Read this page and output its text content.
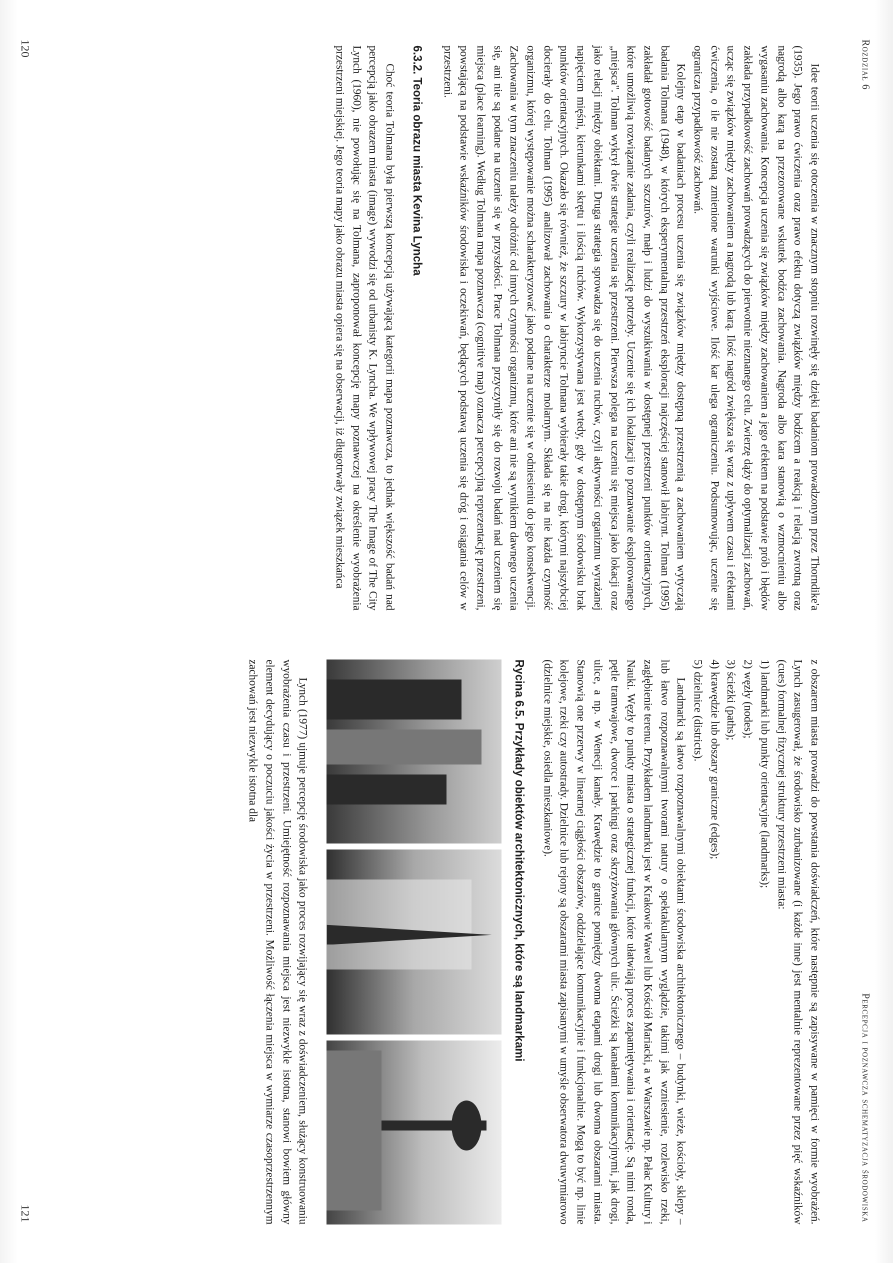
Rozdział 6
Percepcja i poznawcza schematyzacja środowiska

Idee teorii uczenia się otoczenia w znacznym stopniu rozwinęły się dzięki badaniom prowadzonym przez Thorndike'a (1935). Jego prawo ćwiczenia oraz prawo efektu dotyczą związków między bodźcem a reakcją i relacją zwrotną oraz nagrodą albo karą na przezorowane wskutek bodźca zachowania. Nagroda albo kara stanowią o wzmocnieniu albo wygasaniu zachowania. Koncepcja uczenia się związków między zachowaniem a jego efektem na podstawie prób i błędów zakłada przypadkowość zachowań prowadzących do pierwotnie nieznanego celu. Zwierzę dąży do optymalizacji zachowań, ucząc się związków między zachowaniem a nagrodą lub karą. Ilość nagród zwiększa się wraz z upływem czasu i efektami ćwiczenia, o ile nie zostaną zmienione warunki wyjściowe. Ilość kar ulega ograniczeniu. Podsumowując, uczenie się ogranicza przypadkowość zachowań.

Kolejny etap w badaniach procesu uczenia się związków między dostępną przestrzenią a zachowaniem wytyczają badania Tolmana (1948), w których eksperymentalną przestrzeń eksploracji najczęściej stanowił labirynt. Tolman (1995) zakładał gotowość badanych szczurów, małp i ludzi do wyszukiwania w dostępnej przestrzeni punktów orientacyjnych, które umożliwią rozwiązanie zadania, czyli realizację potrzeby. Uczenie się ich lokalizacji to poznawanie eksplorowanego „miejsca". Tolman wykrył dwie strategie uczenia się przestrzeni. Pierwsza polega na uczeniu się miejsca jako lokacji oraz jako relacji między obiektami. Druga strategia sprowadza się do uczenia ruchów, czyli aktywności organizmu wyrażanej napięciem mięśni, kierunkami skrętu i ilością ruchów. Wykorzystywana jest wtedy, gdy w dostępnym środowisku brak punktów orientacyjnych. Okazało się również, że szczury w labiryncie Tolmana wybierały takie drogi, którymi najszybciej docierały do celu. Tolman (1995) analizował zachowania o charakterze molarnym. Składa się na nie każda czynność organizmu, której występowanie można scharakteryzować jako podane na uczenie się w odniesieniu do jego konsekwencji. Zachowania w tym znaczeniu należy odróżnić od innych czynności organizmu, które ani nie są wynikiem dawnego uczenia się, ani nie są podane na uczenie się w przyszłości. Prace Tolmana przyczyniły się do rozwoju badań nad uczeniem się miejsca (place learning). Według Tolmana mapa poznawcza (cognitive map) oznacza percepcyjną reprezentację przestrzeni, powstającą na podstawie wskaźników środowiska i oczekiwań, będących podstawą uczenia się dróg i osiągania celów w przestrzeni.

6.3.2. Teoria obrazu miasta Kevina Lyncha

Choć teoria Tolmana była pierwszą koncepcją używającą kategorii mapa poznawcza, to jednak większość badań nad percepcją jako obrazem miasta (image) wywodzi się od urbanisty K. Lyncha. We wpływowej pracy The Image of The City Lynch (1960), nie powołując się na Tolmana, zaproponował koncepcję mapy poznawczej na określenie wyobrażenia przestrzeni miejskiej. Jego teoria mapy jako obrazu miasta opiera się na obserwacji, iż długotrwały związek mieszkańca

z obszarem miasta prowadzi do powstania doświadczeń, które następnie są zapisywane w pamięci w formie wyobrażeń. Lynch zasugerował, że środowisko zurbanizowane (i każde inne) jest mentalnie reprezentowane przez pięć wskaźników (cues) formalnej fizycznej struktury przestrzeni miasta:

1) landmarki lub punkty orientacyjne (landmarks);
2) węzły (nodes);
3) ścieżki (paths);
4) krawędzie lub obszary graniczne (edges);
5) dzielnice (districts).

Landmarki są łatwo rozpoznawalnymi obiektami środowiska architektonicznego – budynki, wieże, kościoły, sklepy – lub łatwo rozpoznawalnymi tworami natury o spektakularnym wyglądzie, takimi jak wzniesienie, rozlewisko rzeki, zagłębienie terenu. Przykładem landmarku jest w Krakowie Wawel lub Kościół Mariacki, a w Warszawie np. Pałac Kultury i Nauki. Węzły to punkty miasta o strategicznej funkcji, które ułatwiają proces zapamiętywania i orientację. Są nimi ronda, pętle tramwajowe, dworce i parkingi oraz skrzyżowania głównych ulic. Ścieżki są kanałami komunikacyjnymi, jak drogi, ulice, a np. w Wenecji kanały. Krawędzie to granice pomiędzy dwoma etapami drogi lub dwoma obszarami miasta. Stanowią one przerwy w linearnej ciągłości obszarów, oddzielające komunikacyjnie i funkcjonalnie. Mogą to być np. linie kolejowe, rzeki czy autostrady. Dzielnice lub rejony są obszarami miasta zapisanymi w umyśle obserwatora dwuwymiarowo (dzielnice miejskie, osiedla mieszkaniowe).

Rycina 6.5. Przykłady obiektów architektonicznych, które są landmarkami

Lynch (1977) ujmuje percepcję środowiska jako proces rozwijający się wraz z doświadczeniem, służący konstruowaniu wyobrażenia czasu i przestrzeni. Umiejętność rozpoznawania miejsca jest niezwykle istotna, stanowi bowiem główny element decydujący o poczuciu jakości życia w przestrzeni. Możliwość łączenia miejsca w wymiarze czasoprzestrzennym zachowań jest niezwykle istotna dla

120
121
